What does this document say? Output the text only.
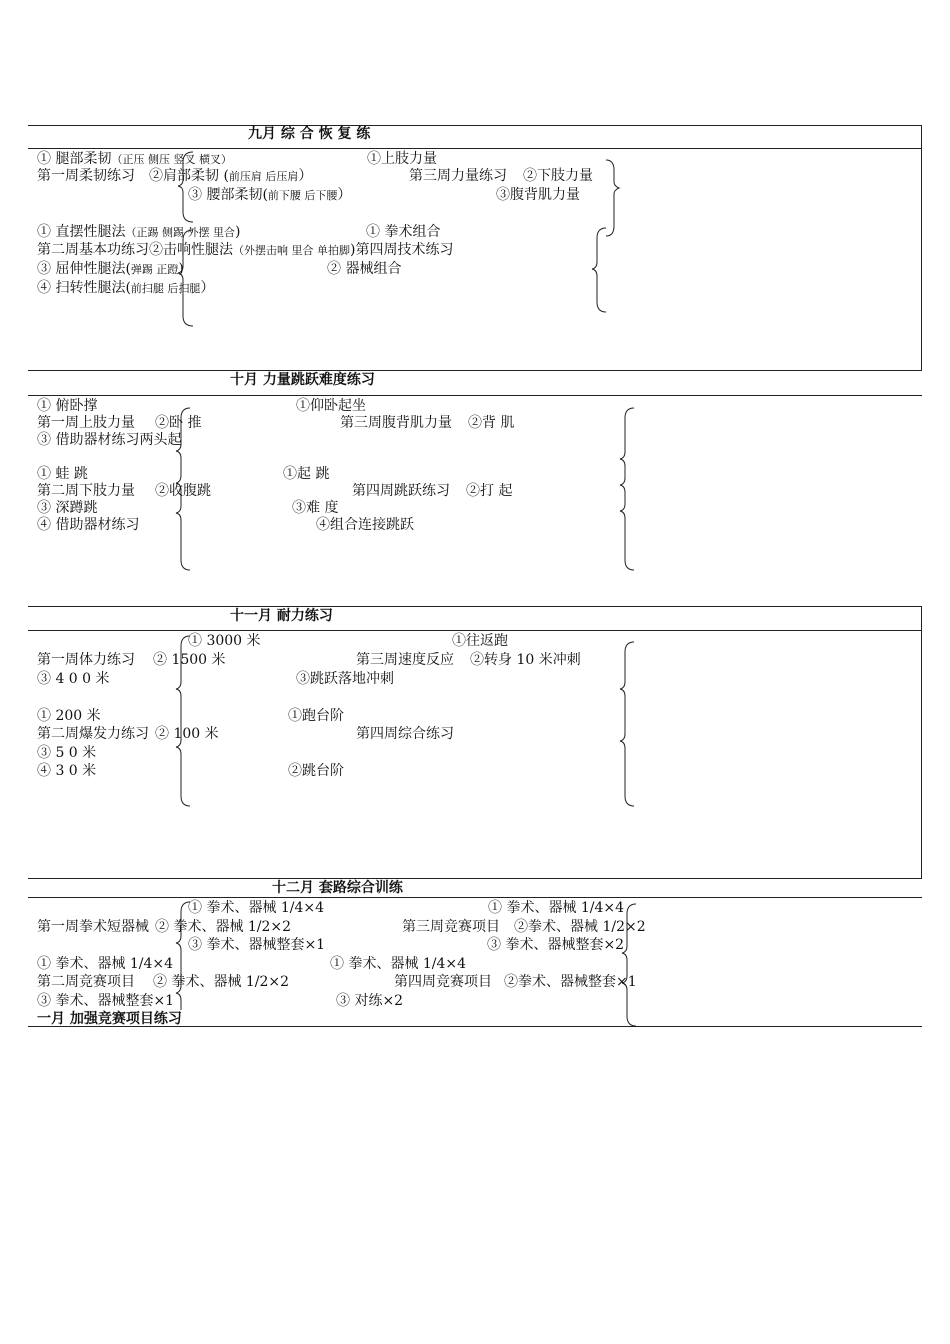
九月 综 合 恢 复 练
① 腿部柔韧（正压 侧压 竖叉 横叉）	①上肢力量
第一周柔韧练习 ②肩部柔韧 (前压肩 后压肩）	第三周力量练习 ②下肢力量
③ 腰部柔韧(前下腰 后下腰）	③腹背肌力量
① 直摆性腿法（正踢 侧踢 外摆 里合)	① 拳术组合
第二周基本功练习②击响性腿法（外摆击响 里合 单拍脚)第四周技术练习
③ 屈伸性腿法(弹踢 正蹬)	② 器械组合
④ 扫转性腿法(前扫腿 后扫腿）
十月 力量跳跃难度练习
① 俯卧撑	①仰卧起坐
第一周上肢力量 ②卧 推	第三周腹背肌力量 ②背 肌
③ 借助器材练习两头起
① 蛙 跳	①起 跳
第二周下肢力量 ②收腹跳	第四周跳跃练习 ②打 起
③ 深蹲跳	③难 度
④ 借助器材练习	④组合连接跳跃
十一月 耐力练习
① 3000 米	①往返跑
第一周体力练习 ② 1500 米	第三周速度反应 ②转身 10 米冲刺
③ 4 0 0 米	③跳跃落地冲刺
① 200 米	①跑台阶
第二周爆发力练习 ② 100 米	第四周综合练习
③ 5 0 米
④ 3 0 米	②跳台阶
十二月 套路综合训练
① 拳术、器械 1/4×4	① 拳术、器械 1/4×4
第一周拳术短器械 ② 拳术、器械 1/2×2	第三周竞赛项目 ②拳术、器械 1/2×2
③ 拳术、器械整套×1	③ 拳术、器械整套×2
① 拳术、器械 1/4×4	① 拳术、器械 1/4×4
第二周竞赛项目 ② 拳术、器械 1/2×2	第四周竞赛项目 ②拳术、器械整套×1
③ 拳术、器械整套×1	③ 对练×2
一月 加强竞赛项目练习
